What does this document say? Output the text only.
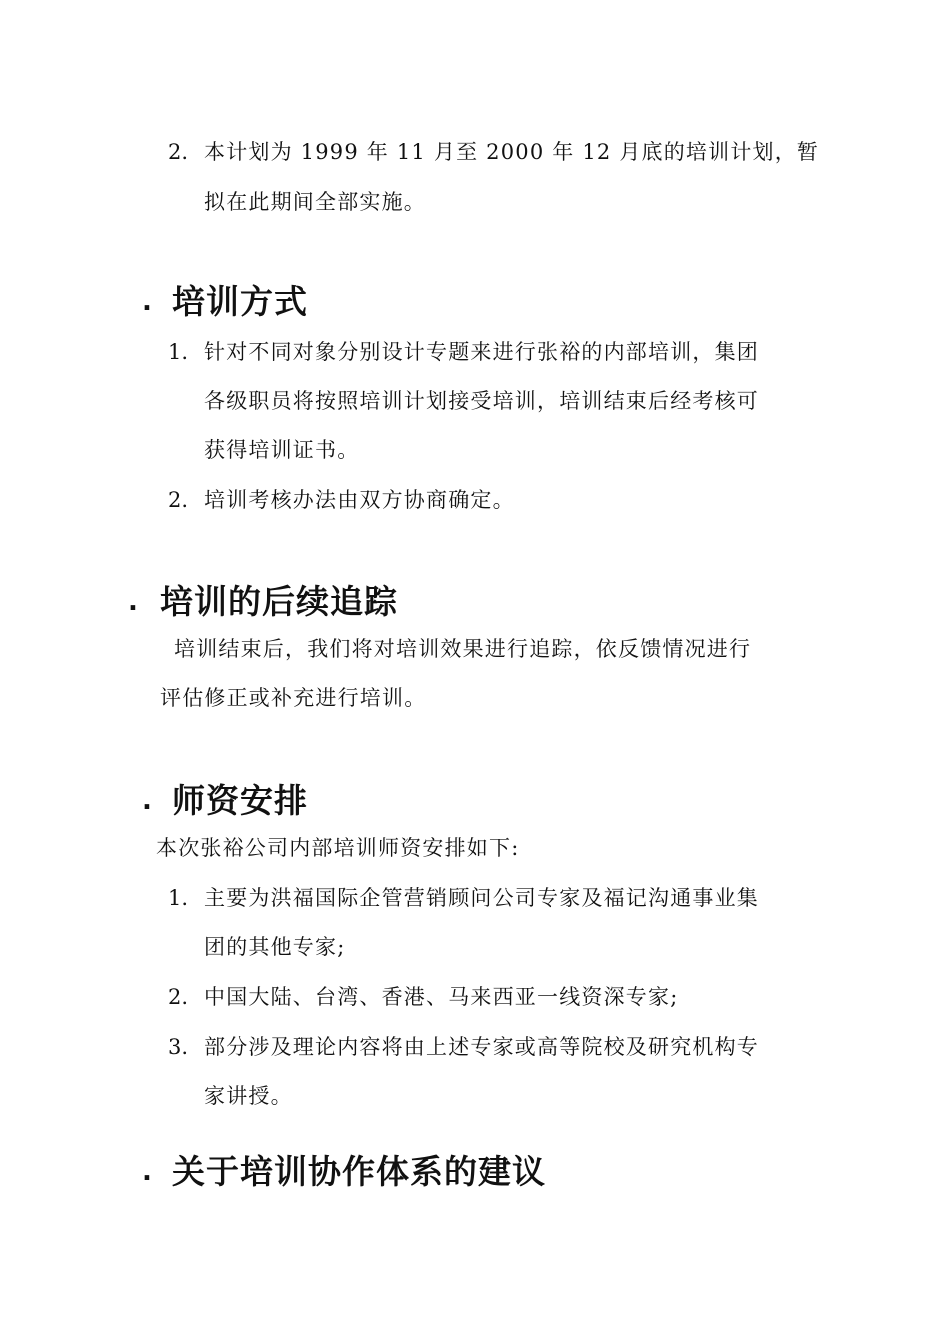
2. 本计划为 1999 年 11 月至 2000 年 12 月底的培训计划，暂
拟在此期间全部实施。
. 培训方式
1. 针对不同对象分别设计专题来进行张裕的内部培训，集团
各级职员将按照培训计划接受培训，培训结束后经考核可
获得培训证书。
2. 培训考核办法由双方协商确定。
. 培训的后续追踪
培训结束后，我们将对培训效果进行追踪，依反馈情况进行
评估修正或补充进行培训。
. 师资安排
本次张裕公司内部培训师资安排如下:
1. 主要为洪福国际企管营销顾问公司专家及福记沟通事业集
团的其他专家;
2. 中国大陆、台湾、香港、马来西亚一线资深专家;
3. 部分涉及理论内容将由上述专家或高等院校及研究机构专
家讲授。
. 关于培训协作体系的建议
